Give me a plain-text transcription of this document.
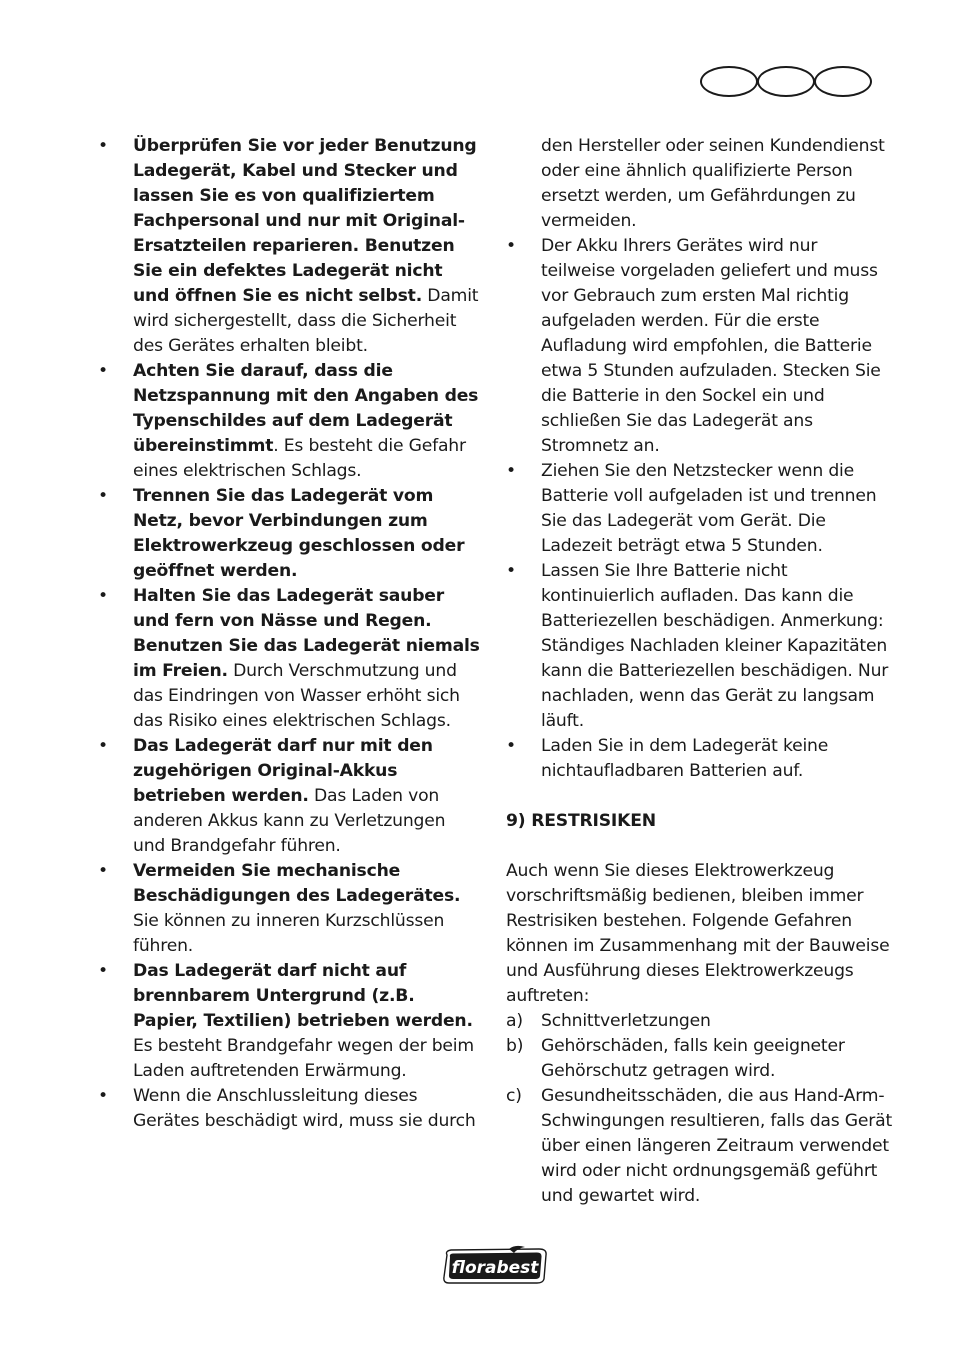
• Überprüfen Sie vor jeder Benutzung Ladegerät, Kabel und Stecker und lassen Sie es von qualifiziertem Fachpersonal und nur mit Original-Ersatzteilen reparieren. Benutzen Sie ein defektes Ladegerät nicht und öffnen Sie es nicht selbst. Damit wird sichergestellt, dass die Sicherheit des Gerätes erhalten bleibt.
• Achten Sie darauf, dass die Netzspannung mit den Angaben des Typenschildes auf dem Ladegerät übereinstimmt. Es besteht die Gefahr eines elektrischen Schlags.
• Trennen Sie das Ladegerät vom Netz, bevor Verbindungen zum Elektrowerkzeug geschlossen oder geöffnet werden.
• Halten Sie das Ladegerät sauber und fern von Nässe und Regen. Benutzen Sie das Ladegerät niemals im Freien. Durch Verschmutzung und das Eindringen von Wasser erhöht sich das Risiko eines elektrischen Schlags.
• Das Ladegerät darf nur mit den zugehörigen Original-Akkus betrieben werden. Das Laden von anderen Akkus kann zu Verletzungen und Brandgefahr führen.
• Vermeiden Sie mechanische Beschädigungen des Ladegerätes. Sie können zu inneren Kurzschlüssen führen.
• Das Ladegerät darf nicht auf brennbarem Untergrund (z.B. Papier, Textilien) betrieben werden. Es besteht Brandgefahr wegen der beim Laden auftretenden Erwärmung.
• Wenn die Anschlussleitung dieses Gerätes beschädigt wird, muss sie durch
den Hersteller oder seinen Kundendienst oder eine ähnlich qualifizierte Person ersetzt werden, um Gefährdungen zu vermeiden.
• Der Akku Ihrers Gerätes wird nur teilweise vorgeladen geliefert und muss vor Gebrauch zum ersten Mal richtig aufgeladen werden. Für die erste Aufladung wird empfohlen, die Batterie etwa 5 Stunden aufzuladen. Stecken Sie die Batterie in den Sockel ein und schließen Sie das Ladegerät ans Stromnetz an.
• Ziehen Sie den Netzstecker wenn die Batterie voll aufgeladen ist und trennen Sie das Ladegerät vom Gerät. Die Ladezeit beträgt etwa 5 Stunden.
• Lassen Sie Ihre Batterie nicht kontinuierlich aufladen. Das kann die Batteriezellen beschädigen. Anmerkung: Ständiges Nachladen kleiner Kapazitäten kann die Batteriezellen beschädigen. Nur nachladen, wenn das Gerät zu langsam läuft.
• Laden Sie in dem Ladegerät keine nichtaufladbaren Batterien auf.
9) RESTRISIKEN
Auch wenn Sie dieses Elektrowerkzeug vorschriftsmäßig bedienen, bleiben immer Restrisiken bestehen. Folgende Gefahren können im Zusammenhang mit der Bauweise und Ausführung dieses Elektrowerkzeugs auftreten:
a) Schnittverletzungen
b) Gehörschäden, falls kein geeigneter Gehörschutz getragen wird.
c) Gesundheitsschäden, die aus Hand-Arm-Schwingungen resultieren, falls das Gerät über einen längeren Zeitraum verwendet wird oder nicht ordnungsgemäß geführt und gewartet wird.
florabest
